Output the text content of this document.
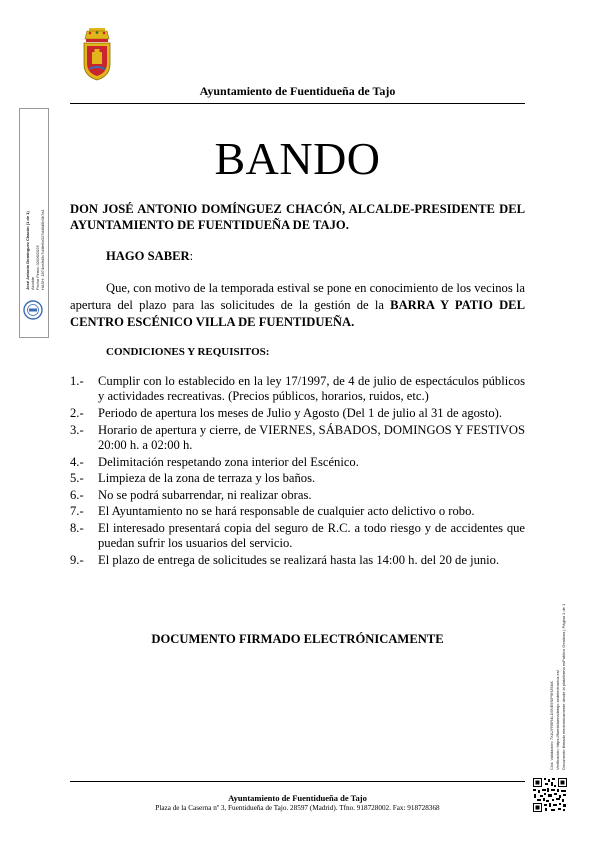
Ayuntamiento de Fuentidueña de Tajo
José Antonio Domínguez Chacón (1 de 1) Alcalde Fecha Firma: 02/06/2025 HASH: 1874ce8d3c7d4fe6a017dd0d5b0b7a1
BANDO
DON JOSÉ ANTONIO DOMÍNGUEZ CHACÓN, ALCALDE-PRESIDENTE DEL AYUNTAMIENTO DE FUENTIDUEÑA DE TAJO.
HAGO SABER:
Que, con motivo de la temporada estival se pone en conocimiento de los vecinos la apertura del plazo para las solicitudes de la gestión de la BARRA Y PATIO DEL CENTRO ESCÉNICO VILLA DE FUENTIDUEÑA.
CONDICIONES Y REQUISITOS:
1.- Cumplir con lo establecido en la ley 17/1997, de 4 de julio de espectáculos públicos y actividades recreativas. (Precios públicos, horarios, ruidos, etc.)
2.- Periodo de apertura los meses de Julio y Agosto (Del 1 de julio al 31 de agosto).
3.- Horario de apertura y cierre, de VIERNES, SÁBADOS, DOMINGOS Y FESTIVOS  20:00 h. a 02:00 h.
4.- Delimitación respetando zona interior del Escénico.
5.- Limpieza de la zona de terraza y los baños.
6.- No se podrá subarrendar, ni realizar obras.
7.- El Ayuntamiento no se hará responsable de cualquier acto delictivo o robo.
8.- El interesado presentará copia del seguro de R.C. a todo riesgo y de accidentes que puedan sufrir los usuarios del servicio.
9.- El plazo de entrega de solicitudes se realizará hasta las 14:00 h. del 20 de junio.
DOCUMENTO FIRMADO ELECTRÓNICAMENTE
Cód. Validación: 7XAJYR6R4LD3NE9SIP9HZ6AK Verificación: https://fuentiduenadetajo.sedelectronica.es/ Documento firmado electrónicamente desde la plataforma esPublico Gestiona | Página 1 de 1
Ayuntamiento de Fuentidueña de Tajo
Plaza de la Caserna nº 3, Fuentidueña de Tajo. 28597 (Madrid). Tfno. 918728002. Fax: 918728368
